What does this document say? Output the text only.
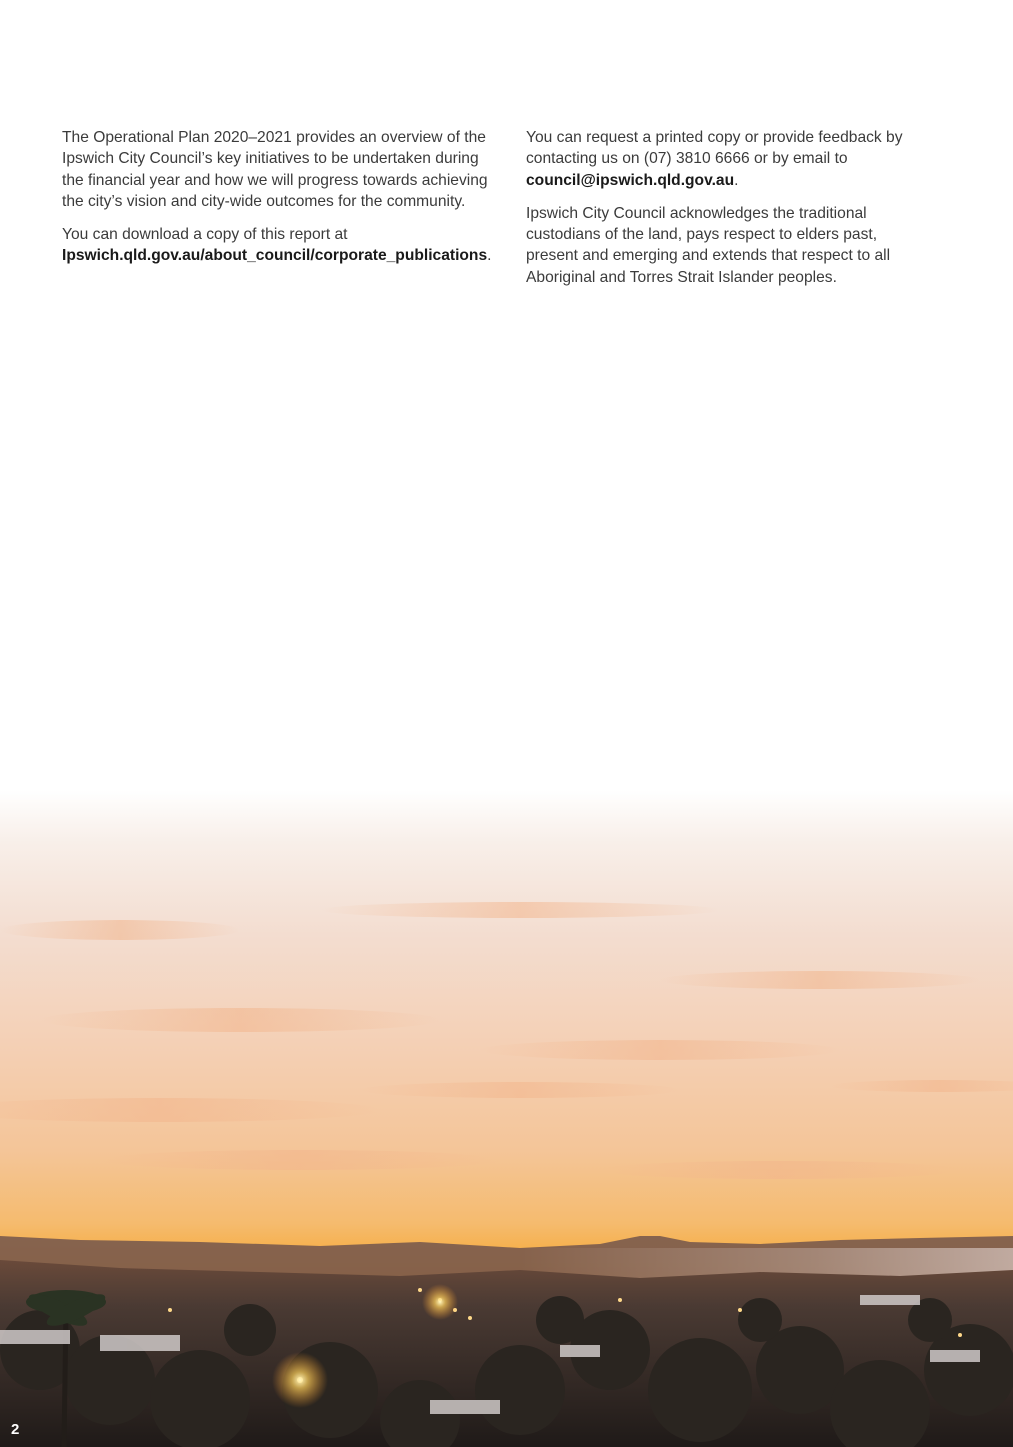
The Operational Plan 2020–2021 provides an overview of the Ipswich City Council’s key initiatives to be undertaken during the financial year and how we will progress towards achieving the city’s vision and city-wide outcomes for the community.

You can download a copy of this report at Ipswich.qld.gov.au/about_council/corporate_publications.

You can request a printed copy or provide feedback by contacting us on (07) 3810 6666 or by email to council@ipswich.qld.gov.au.

Ipswich City Council acknowledges the traditional custodians of the land, pays respect to elders past, present and emerging and extends that respect to all Aboriginal and Torres Strait Islander peoples.

2
